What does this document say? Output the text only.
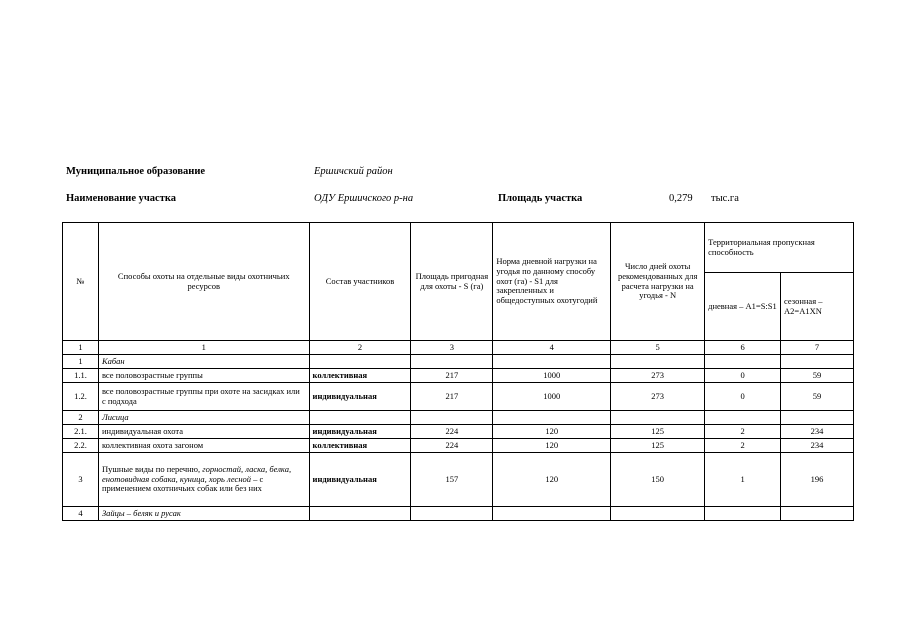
Муниципальное образование	Ершичский район
Наименование участка	ОДУ Ершичского р-на	Площадь участка	0,279 тыс.га
№	Способы охоты на отдельные виды охотничьих ресурсов	Состав участников	Площадь пригодная для охоты - S (га)	Норма дневной нагрузки на угодья по данному способу охот (га) - S1 для закрепленных и общедоступных охотугодий	Число дней охоты рекомендованных для расчета нагрузки на угодья - N	Территориальная пропускная способность	
						дневная – A1=S:S1	сезонная – A2=A1XN
1	1	2	3	4	5	6	7
1	Кабан						
1.1.	все половозрастные группы	коллективная	217	1000	273	0	59
1.2.	все половозрастные группы при охоте на засидках или с подхода	индивидуальная	217	1000	273	0	59
2	Лисица						
2.1.	индивидуальная охота	индивидуальная	224	120	125	2	234
2.2.	коллективная охота загоном	коллективная	224	120	125	2	234
3	Пушные виды по перечню, горностай, ласка, белка, енотовидная собака, куница, хорь лесной – с применением охотничьих собак или без них	индивидуальная	157	120	150	1	196
4	Зайцы – беляк и русак						
